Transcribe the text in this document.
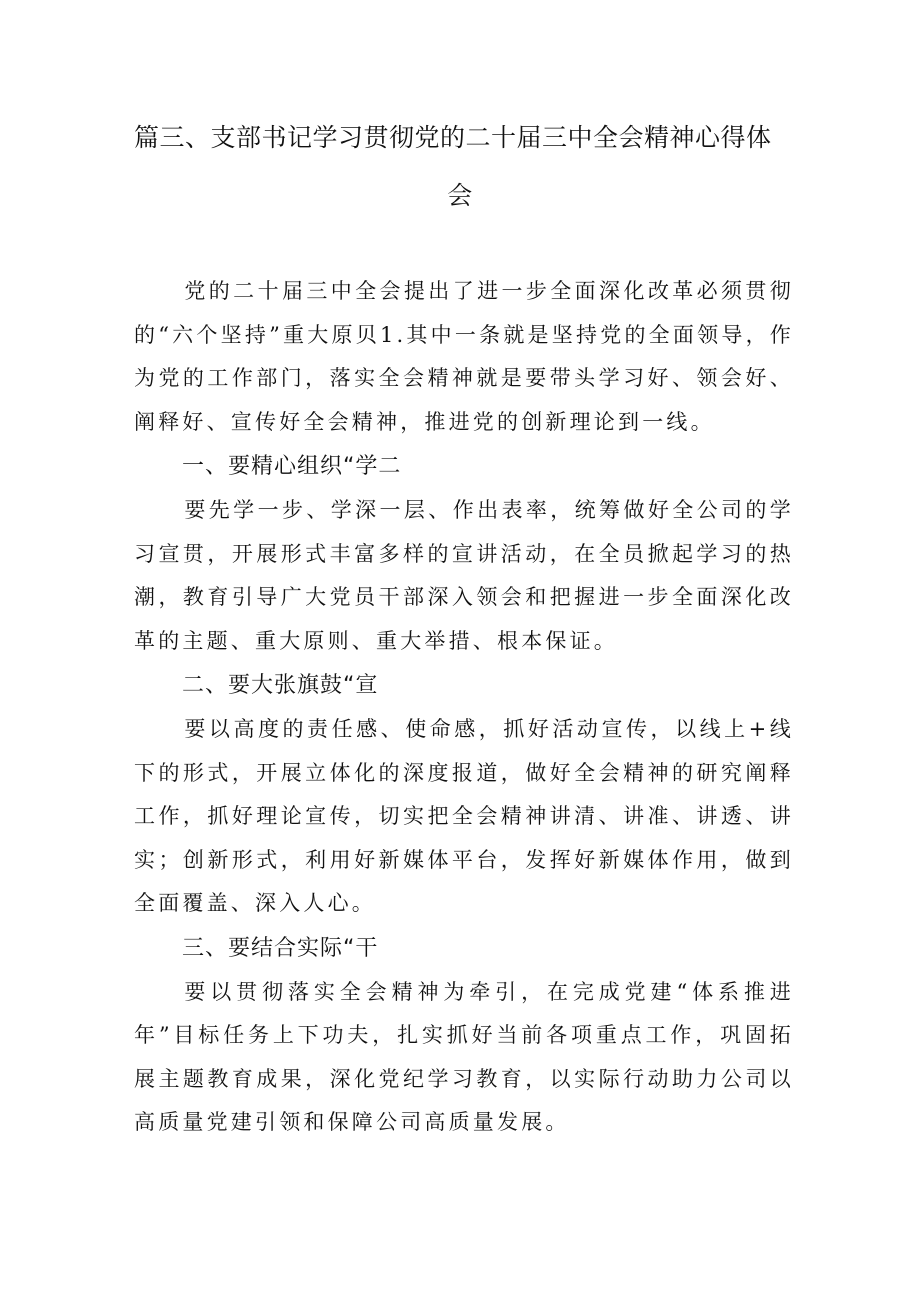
篇三、支部书记学习贯彻党的二十届三中全会精神心得体
会

党的二十届三中全会提出了进一步全面深化改革必须贯彻的“六个坚持”重大原贝1.其中一条就是坚持党的全面领导，作为党的工作部门，落实全会精神就是要带头学习好、领会好、阐释好、宣传好全会精神，推进党的创新理论到一线。

一、要精心组织“学二

要先学一步、学深一层、作出表率，统筹做好全公司的学习宣贯，开展形式丰富多样的宣讲活动，在全员掀起学习的热潮，教育引导广大党员干部深入领会和把握进一步全面深化改革的主题、重大原则、重大举措、根本保证。

二、要大张旗鼓“宣

要以高度的责任感、使命感，抓好活动宣传，以线上+线下的形式，开展立体化的深度报道，做好全会精神的研究阐释工作，抓好理论宣传，切实把全会精神讲清、讲准、讲透、讲实；创新形式，利用好新媒体平台，发挥好新媒体作用，做到全面覆盖、深入人心。

三、要结合实际“干

要以贯彻落实全会精神为牵引，在完成党建“体系推进年”目标任务上下功夫，扎实抓好当前各项重点工作，巩固拓展主题教育成果，深化党纪学习教育，以实际行动助力公司以高质量党建引领和保障公司高质量发展。
